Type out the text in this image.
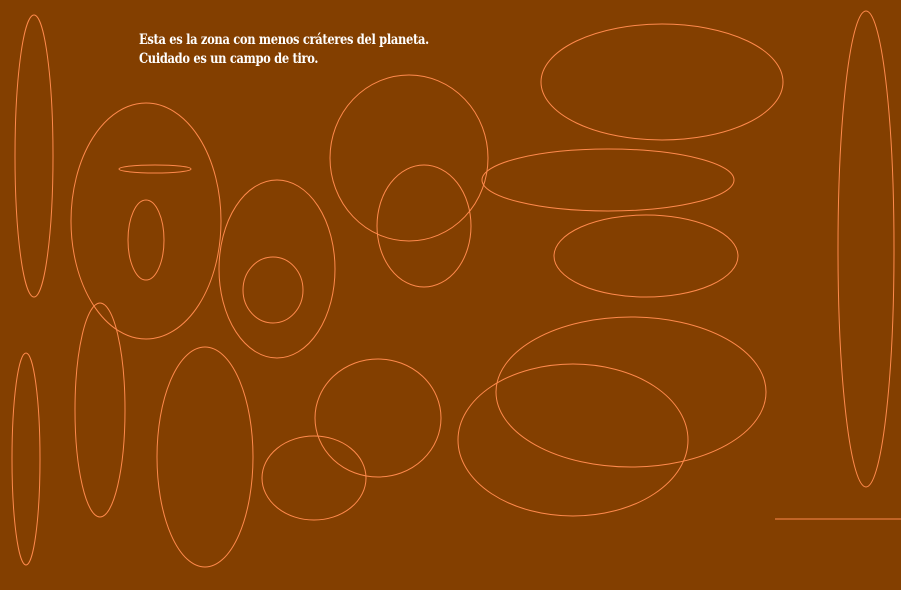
Esta es la zona con menos cráteres del planeta.
Cuidado es un campo de tiro.
